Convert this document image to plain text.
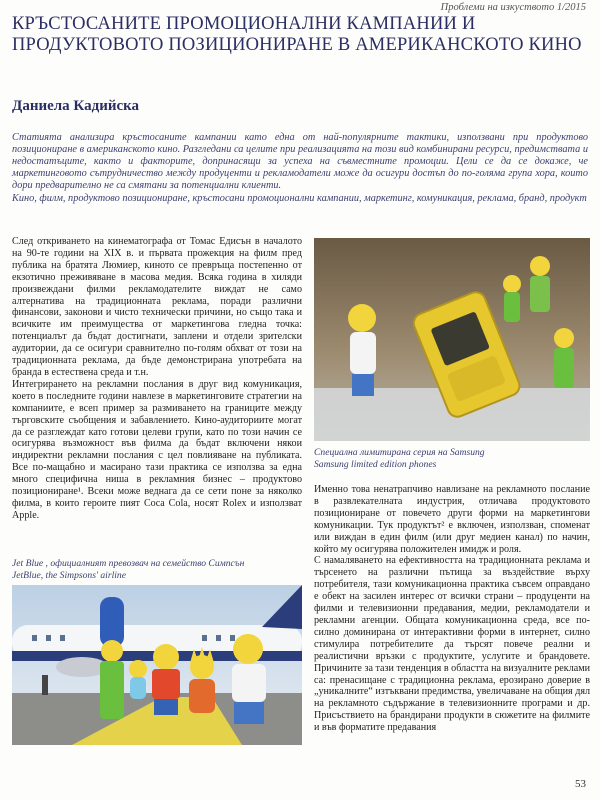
Проблеми на изкуството 1/2015
КРЪСТОСАНИТЕ ПРОМОЦИОНАЛНИ КАМПАНИИ И ПРОДУКТОВОТО ПОЗИЦИОНИРАНЕ В АМЕРИКАНСКОТО КИНО
Даниела Кадийска

Статията анализира кръстосаните кампании като една от най-популярните тактики, използвани при продуктово позициониране в американското кино. Разгледани са целите при реализацията на този вид комбинирани ресурси, предимствата и недостатъците, както и факторите, допринасящи за успеха на съвместните промоции. Цели се да се докаже, че маркетинговото сътрудничество между продуценти и рекламодатели може да осигури достъп до по-голяма група хора, които дори предварително не са смятани за потенциални клиенти.

Кино, филм, продуктово позициониране, кръстосани промоционални кампании, маркетинг, комуникация, реклама, бранд, продукт

След откриването на кинематографа от Томас Едисън в началото на 90-те години на XIX в. и първата прожекция на филм пред публика на братята Люмиер, киното се превръща постепенно от екзотично преживяване в масова медия. Всяка година в хиляди произвеждани филми рекламодателите виждат не само алтернатива на традиционната реклама, поради различни финансови, законови и чисто технически причини, но също така и всичките им преимущества от маркетингова гледна точка: потенциалът да бъдат достигнати, заплени и отдели зрителски аудитории, да се осигури сравнително по-голям обхват от този на традиционната реклама, да бъде демонстрирана употребата на бранда в естествена среда и т.н.
Интегрирането на рекламни послания в друг вид комуникация, което в последните години навлезе в маркетинговите стратегии на компаниите, е всеп пример за размиването на границите между търговските съобщения и забавлението. Кино-аудиториите могат да се разглеждат като готови целеви групи, като по този начин се осигурява възможност във филма да бъдат включени някои индиректни рекламни послания с цел повлияване на публиката. Все по-мащабно и масирано тази практика се използва за една много специфична ниша в рекламния бизнес – продуктово позициониране¹. Всеки може веднага да се сети поне за няколко филма, в които героите пият Coca Cola, носят Rolex и използват Apple.

Jet Blue , официалният превозвач на семейство Симпсън
JetBlue, the Simpsons' airline

Специална лимитирана серия на Samsung
Samsung limited edition phones

Именно това ненатрапчиво навлизане на рекламното послание в развлекателната индустрия, отличава продуктовото позициониране от повечето други форми на маркетингови комуникации. Тук продуктът² е включен, използван, споменат или виждан в един филм (или друг медиен канал) по начин, който му осигурява положителен имидж и роля.
С намаляването на ефективността на традиционната реклама и търсенето на различни пътища за въздействие върху потребителя, тази комуникационна практика съвсем оправдано е обект на засилен интерес от всички страни – продуценти на филми и телевизионни предавания, медии, рекламодатели и рекламни агенции. Общата комуникационна среда, все по-силно доминирана от интерактивни форми в интернет, силно стимулира потребителите да търсят повече реални и реалистични връзки с продуктите, услугите и брандовете. Причините за тази тенденция в областта на визуалните реклами са: пренасищане с традиционна реклама, ерозирано доверие в „уникалните“ изтъквани предимства, увеличаване на общия дял на рекламното съдържание в телевизионните програми и др. Присъствието на брандирани продукти в сюжетите на филмите и във форматите предавания

53
